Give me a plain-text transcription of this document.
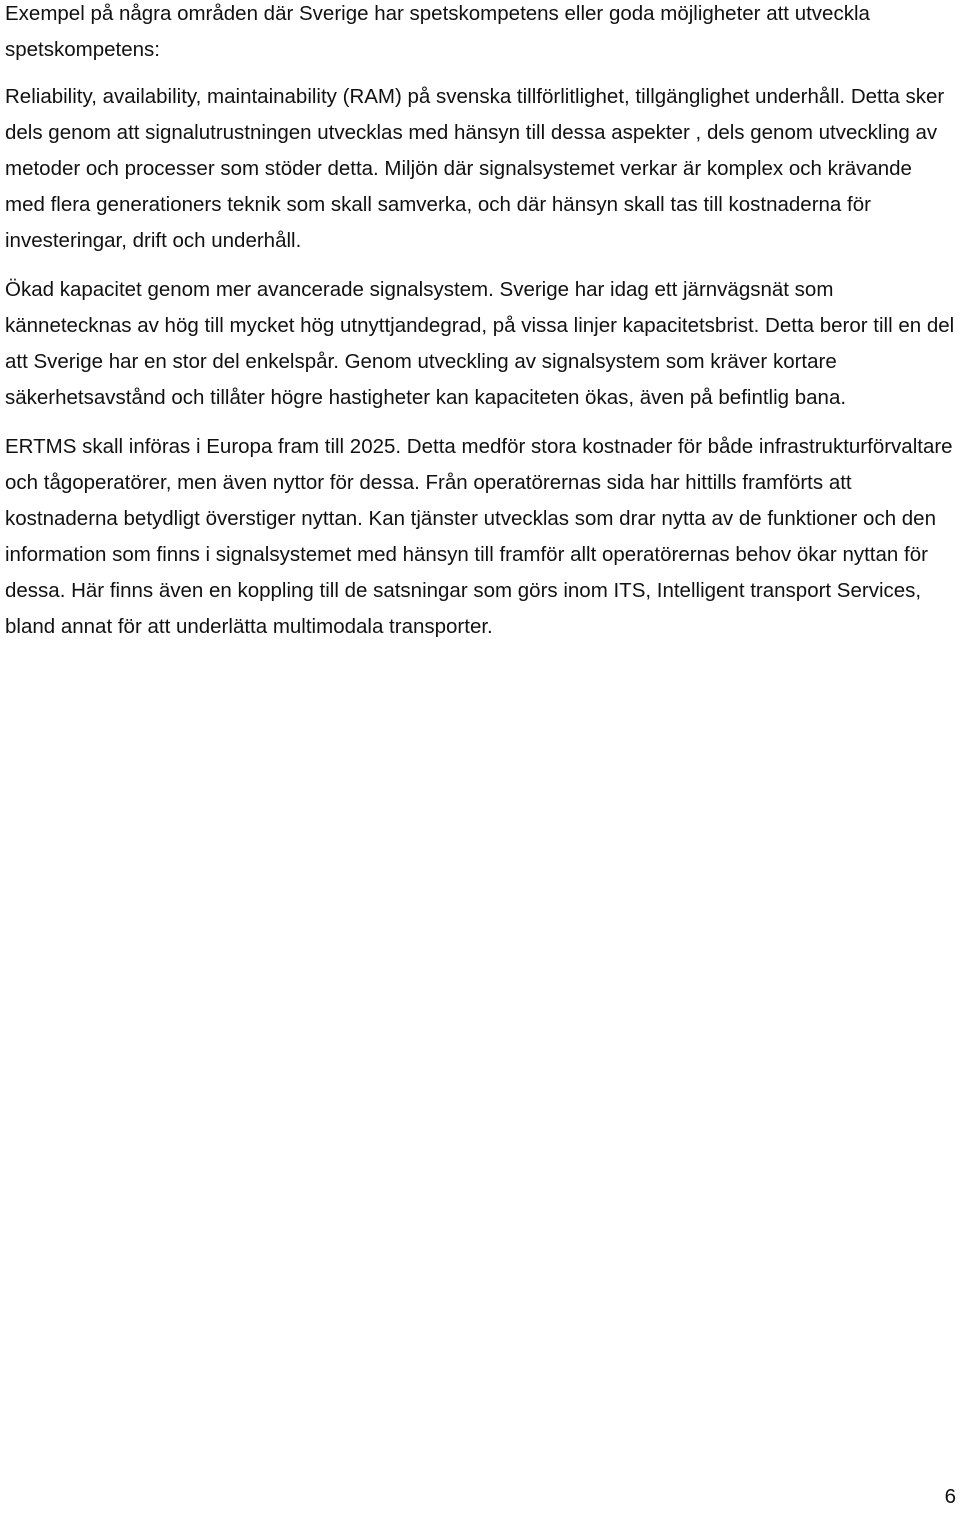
Exempel på några områden där Sverige har spetskompetens eller goda möjligheter att utveckla spetskompetens:

Reliability, availability, maintainability (RAM) på svenska tillförlitlighet, tillgänglighet underhåll. Detta sker dels genom att signalutrustningen utvecklas med hänsyn till dessa aspekter , dels genom utveckling av metoder och processer som stöder detta. Miljön där signalsystemet verkar är komplex och krävande med flera generationers teknik som skall samverka, och där hänsyn skall tas till kostnaderna för investeringar, drift och underhåll.

Ökad kapacitet genom mer avancerade signalsystem. Sverige har idag ett järnvägsnät som kännetecknas av hög till mycket hög utnyttjandegrad, på vissa linjer kapacitetsbrist. Detta beror till en del att Sverige har en stor del enkelspår. Genom utveckling av signalsystem som kräver kortare säkerhetsavstånd och tillåter högre hastigheter kan kapaciteten ökas, även på befintlig bana.

ERTMS skall införas i Europa fram till 2025. Detta medför stora kostnader för både infrastrukturförvaltare och tågoperatörer, men även nyttor för dessa. Från operatörernas sida har hittills framförts att kostnaderna betydligt överstiger nyttan. Kan tjänster utvecklas som drar nytta av de funktioner och den information som finns i signalsystemet med hänsyn till framför allt operatörernas behov ökar nyttan för dessa. Här finns även en koppling till de satsningar som görs inom ITS, Intelligent transport Services, bland annat för att underlätta multimodala transporter.

6
